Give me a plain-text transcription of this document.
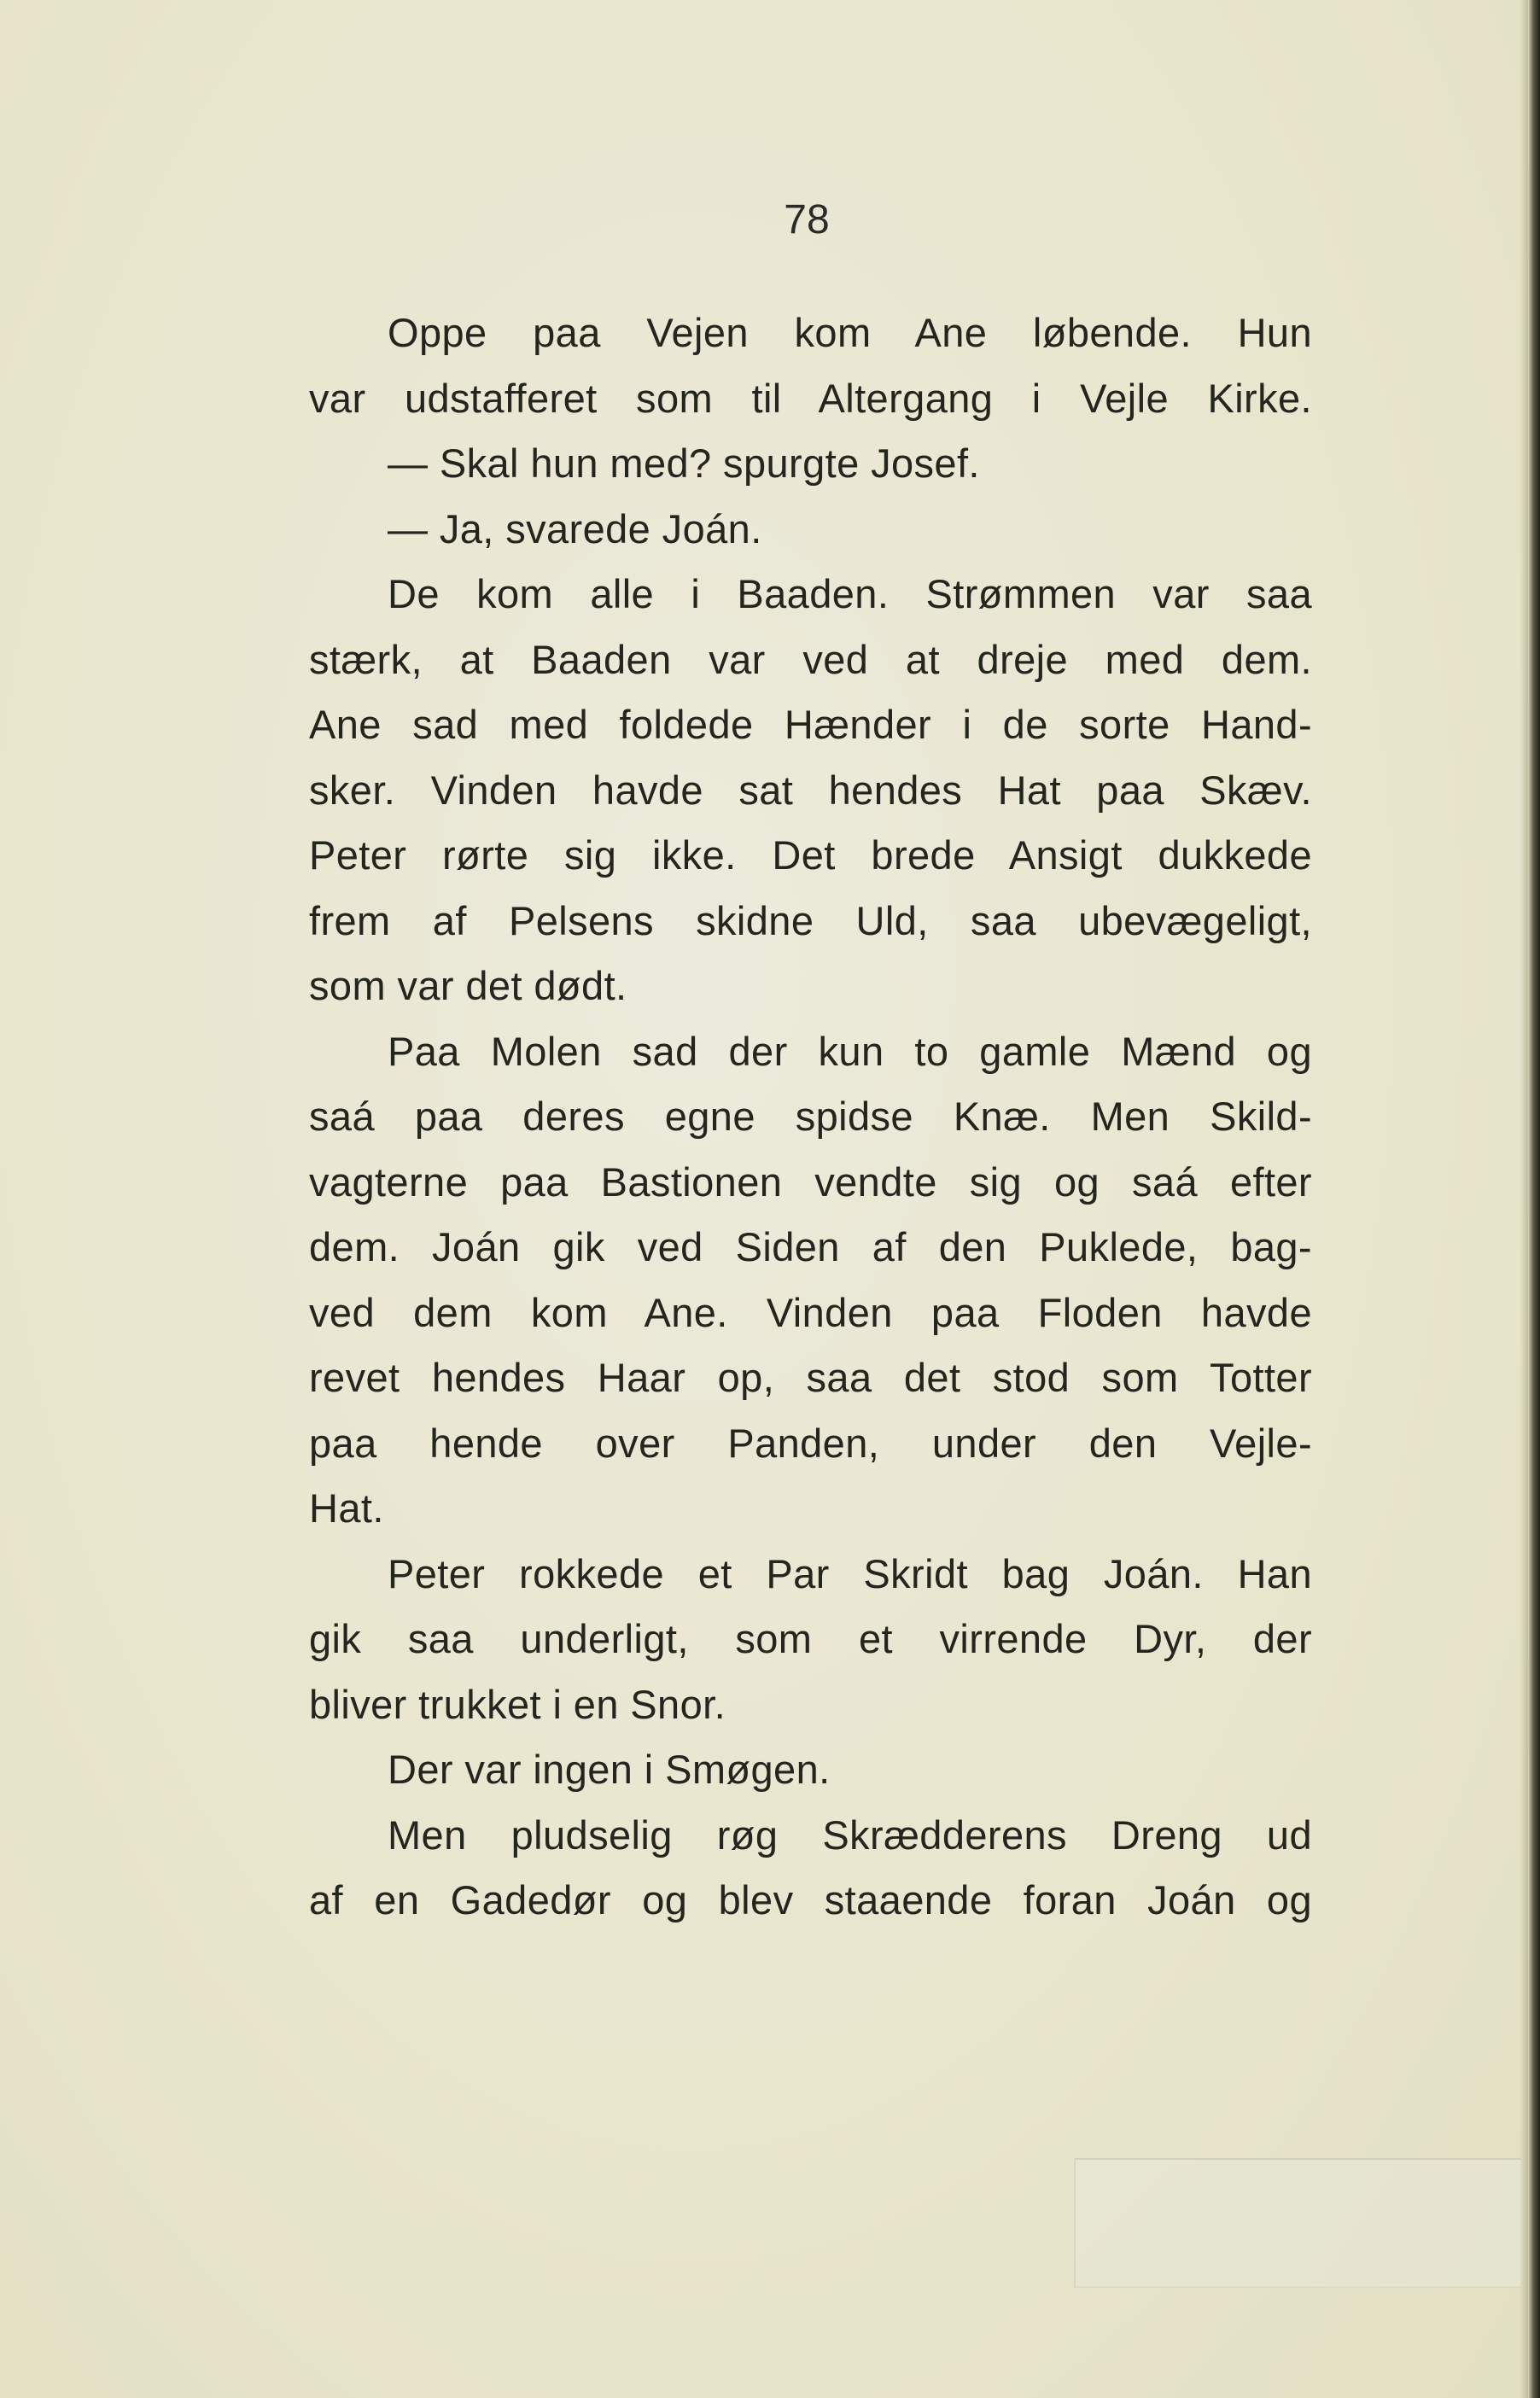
78
Oppe paa Vejen kom Ane løbende. Hun
var udstafferet som til Altergang i Vejle Kirke.
— Skal hun med? spurgte Josef.
— Ja, svarede Joán.
De kom alle i Baaden. Strømmen var saa
stærk, at Baaden var ved at dreje med dem.
Ane sad med foldede Hænder i de sorte Hand-
sker. Vinden havde sat hendes Hat paa Skæv.
Peter rørte sig ikke. Det brede Ansigt dukkede
frem af Pelsens skidne Uld, saa ubevægeligt,
som var det dødt.
Paa Molen sad der kun to gamle Mænd og
saá paa deres egne spidse Knæ. Men Skild-
vagterne paa Bastionen vendte sig og saá efter
dem. Joán gik ved Siden af den Puklede, bag-
ved dem kom Ane. Vinden paa Floden havde
revet hendes Haar op, saa det stod som Totter
paa hende over Panden, under den Vejle-
Hat.
Peter rokkede et Par Skridt bag Joán. Han
gik saa underligt, som et virrende Dyr, der
bliver trukket i en Snor.
Der var ingen i Smøgen.
Men pludselig røg Skrædderens Dreng ud
af en Gadedør og blev staaende foran Joán og
